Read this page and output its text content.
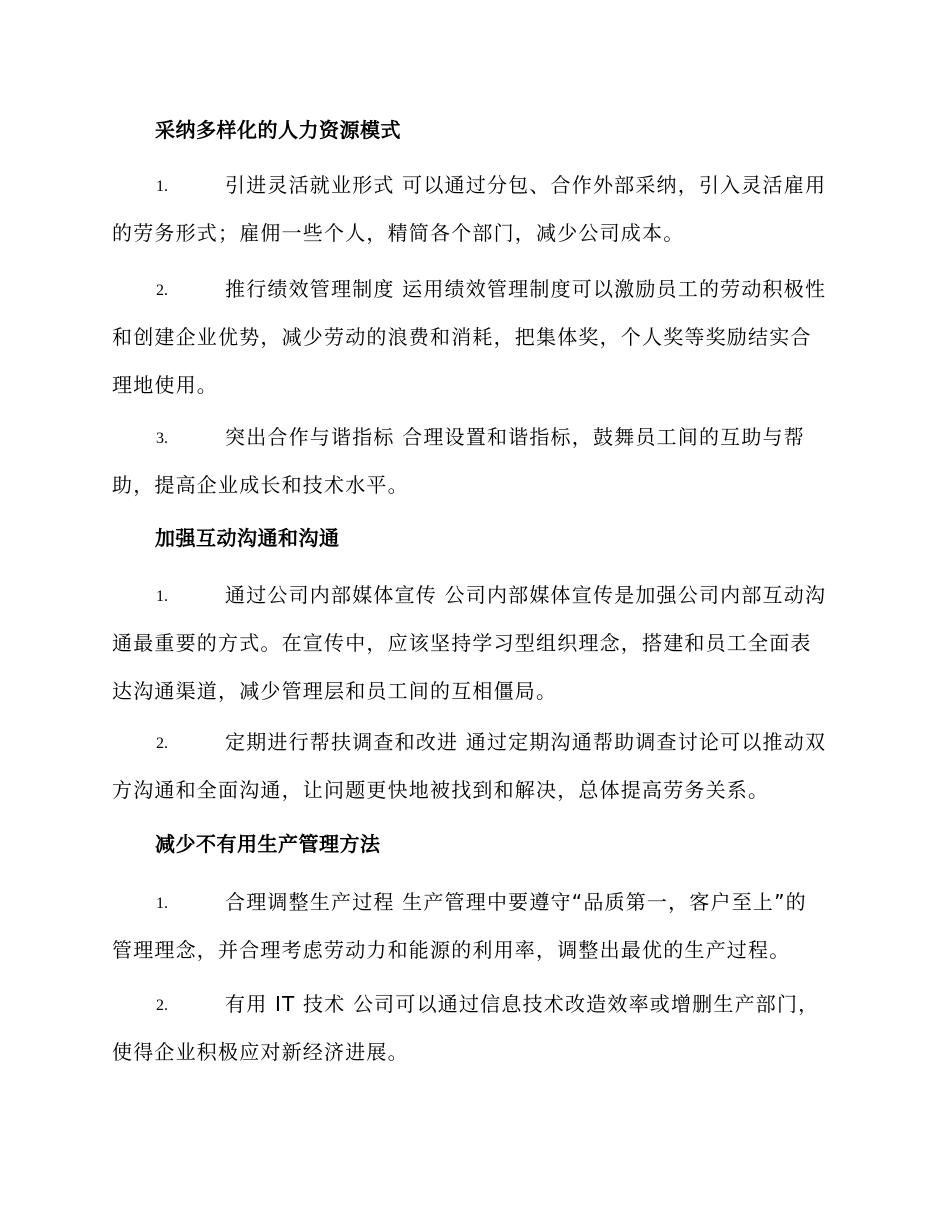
采纳多样化的人力资源模式
1.	引进灵活就业形式 可以通过分包、合作外部采纳，引入灵活雇用
的劳务形式；雇佣一些个人，精简各个部门，减少公司成本。
2.	推行绩效管理制度 运用绩效管理制度可以激励员工的劳动积极性
和创建企业优势，减少劳动的浪费和消耗，把集体奖，个人奖等奖励结实合
理地使用。
3.	突出合作与谐指标 合理设置和谐指标，鼓舞员工间的互助与帮
助，提高企业成长和技术水平。
加强互动沟通和沟通
1.	通过公司内部媒体宣传 公司内部媒体宣传是加强公司内部互动沟
通最重要的方式。在宣传中，应该坚持学习型组织理念，搭建和员工全面表
达沟通渠道，减少管理层和员工间的互相僵局。
2.	定期进行帮扶调查和改进 通过定期沟通帮助调查讨论可以推动双
方沟通和全面沟通，让问题更快地被找到和解决，总体提高劳务关系。
减少不有用生产管理方法
1.	合理调整生产过程 生产管理中要遵守“品质第一，客户至上”的
管理理念，并合理考虑劳动力和能源的利用率，调整出最优的生产过程。
2.	有用 IT 技术 公司可以通过信息技术改造效率或增删生产部门，
使得企业积极应对新经济进展。
